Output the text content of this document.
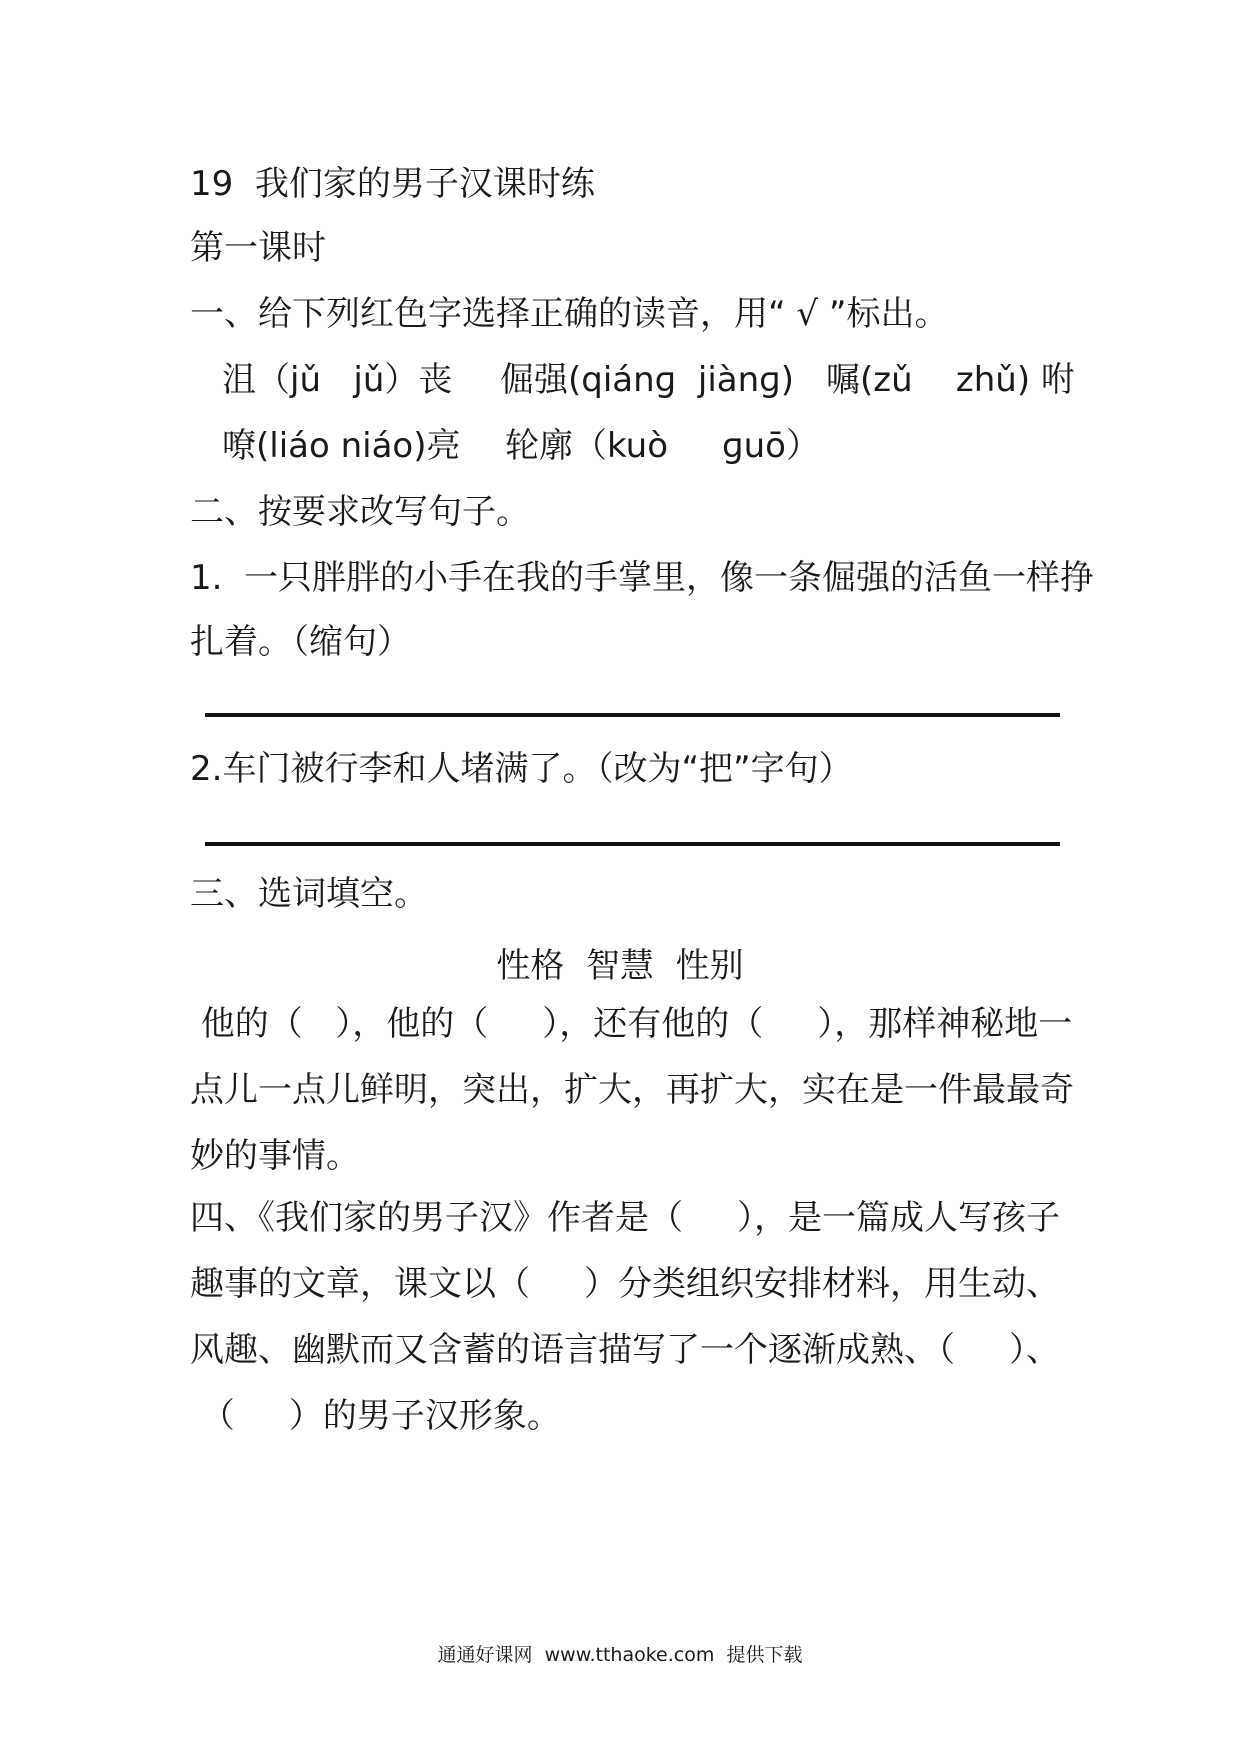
19  我们家的男子汉课时练
第一课时
一、给下列红色字选择正确的读音，用“ √ ”标出。
沮（jǔ   jǔ）丧 倔强(qiánɡ  jiànɡ) 嘱(zǔ    zhǔ) 咐
嘹(liáo niáo)亮 轮廓（kuò     ɡuō）
二、按要求改写句子。
1.  一只胖胖的小手在我的手掌里，像一条倔强的活鱼一样挣
扎着。（缩句）
2.车门被行李和人堵满了。（改为“把”字句）
三、选词填空。
性格  智慧  性别
他的（   ），他的（     ），还有他的（     ），那样神秘地一
点儿一点儿鲜明，突出，扩大，再扩大，实在是一件最最奇
妙的事情。
四、《我们家的男子汉》作者是（     ），是一篇成人写孩子
趣事的文章，课文以（     ）分类组织安排材料，用生动、
风趣、幽默而又含蓄的语言描写了一个逐渐成熟、（     ）、
（     ）的男子汉形象。
通通好课网  www.tthaoke.com  提供下载
